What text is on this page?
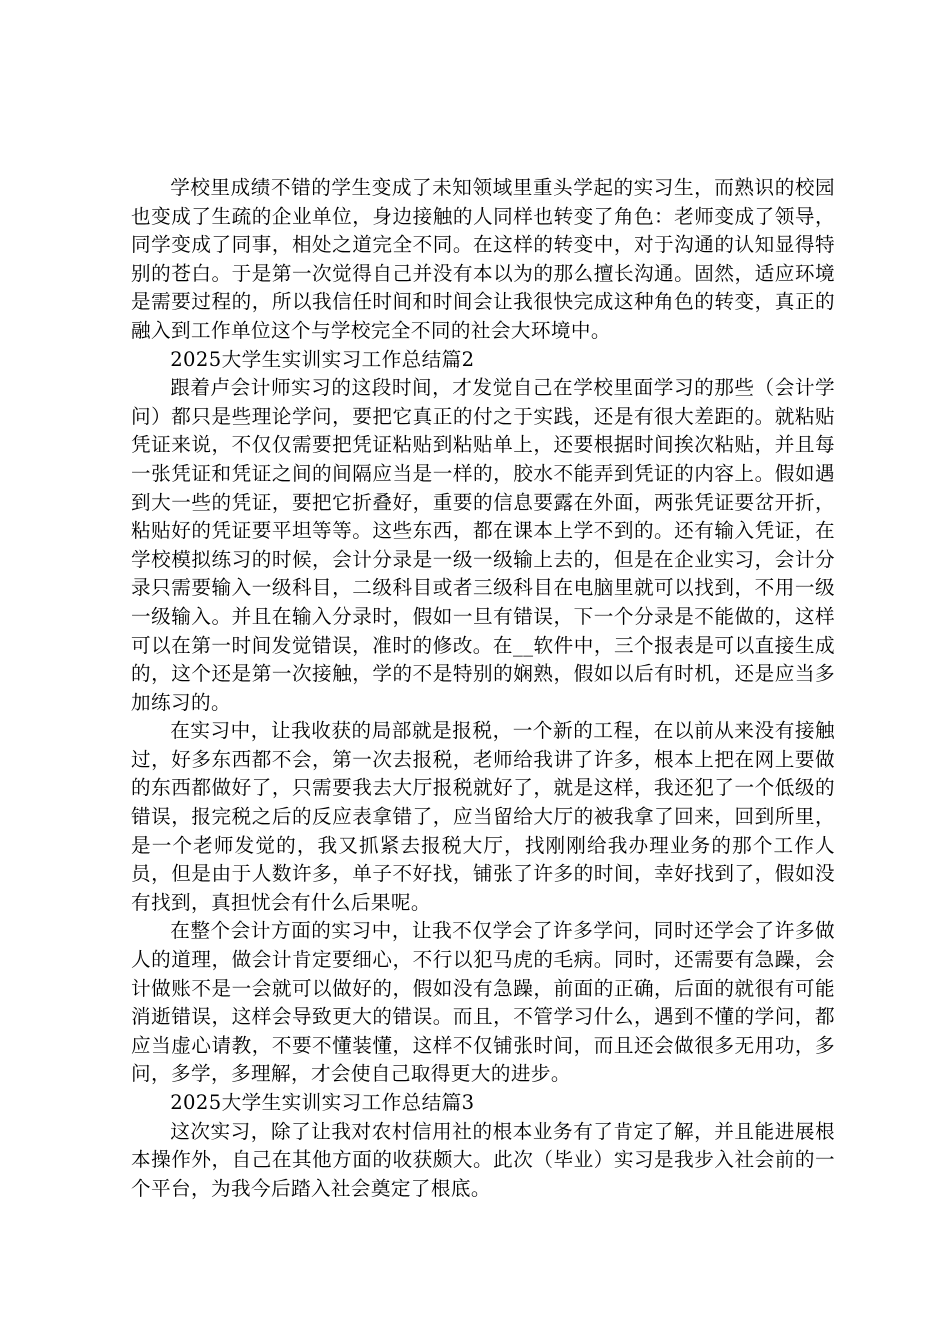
学校里成绩不错的学生变成了未知领域里重头学起的实习生，而熟识的校园也变成了生疏的企业单位，身边接触的人同样也转变了角色：老师变成了领导，同学变成了同事，相处之道完全不同。在这样的转变中，对于沟通的认知显得特别的苍白。于是第一次觉得自己并没有本以为的那么擅长沟通。固然，适应环境是需要过程的，所以我信任时间和时间会让我很快完成这种角色的转变，真正的融入到工作单位这个与学校完全不同的社会大环境中。

2025大学生实训实习工作总结篇2

跟着卢会计师实习的这段时间，才发觉自己在学校里面学习的那些（会计学问）都只是些理论学问，要把它真正的付之于实践，还是有很大差距的。就粘贴凭证来说，不仅仅需要把凭证粘贴到粘贴单上，还要根据时间挨次粘贴，并且每一张凭证和凭证之间的间隔应当是一样的，胶水不能弄到凭证的内容上。假如遇到大一些的凭证，要把它折叠好，重要的信息要露在外面，两张凭证要岔开折，粘贴好的凭证要平坦等等。这些东西，都在课本上学不到的。还有输入凭证，在学校模拟练习的时候，会计分录是一级一级输上去的，但是在企业实习，会计分录只需要输入一级科目，二级科目或者三级科目在电脑里就可以找到，不用一级一级输入。并且在输入分录时，假如一旦有错误，下一个分录是不能做的，这样可以在第一时间发觉错误，准时的修改。在__软件中，三个报表是可以直接生成的，这个还是第一次接触，学的不是特别的娴熟，假如以后有时机，还是应当多加练习的。

在实习中，让我收获的局部就是报税，一个新的工程，在以前从来没有接触过，好多东西都不会，第一次去报税，老师给我讲了许多，根本上把在网上要做的东西都做好了，只需要我去大厅报税就好了，就是这样，我还犯了一个低级的错误，报完税之后的反应表拿错了，应当留给大厅的被我拿了回来，回到所里，是一个老师发觉的，我又抓紧去报税大厅，找刚刚给我办理业务的那个工作人员，但是由于人数许多，单子不好找，铺张了许多的时间，幸好找到了，假如没有找到，真担忧会有什么后果呢。

在整个会计方面的实习中，让我不仅学会了许多学问，同时还学会了许多做人的道理，做会计肯定要细心，不行以犯马虎的毛病。同时，还需要有急躁，会计做账不是一会就可以做好的，假如没有急躁，前面的正确，后面的就很有可能消逝错误，这样会导致更大的错误。而且，不管学习什么，遇到不懂的学问，都应当虚心请教，不要不懂装懂，这样不仅铺张时间，而且还会做很多无用功，多问，多学，多理解，才会使自己取得更大的进步。

2025大学生实训实习工作总结篇3

这次实习，除了让我对农村信用社的根本业务有了肯定了解，并且能进展根本操作外，自己在其他方面的收获颇大。此次（毕业）实习是我步入社会前的一个平台，为我今后踏入社会奠定了根底。
